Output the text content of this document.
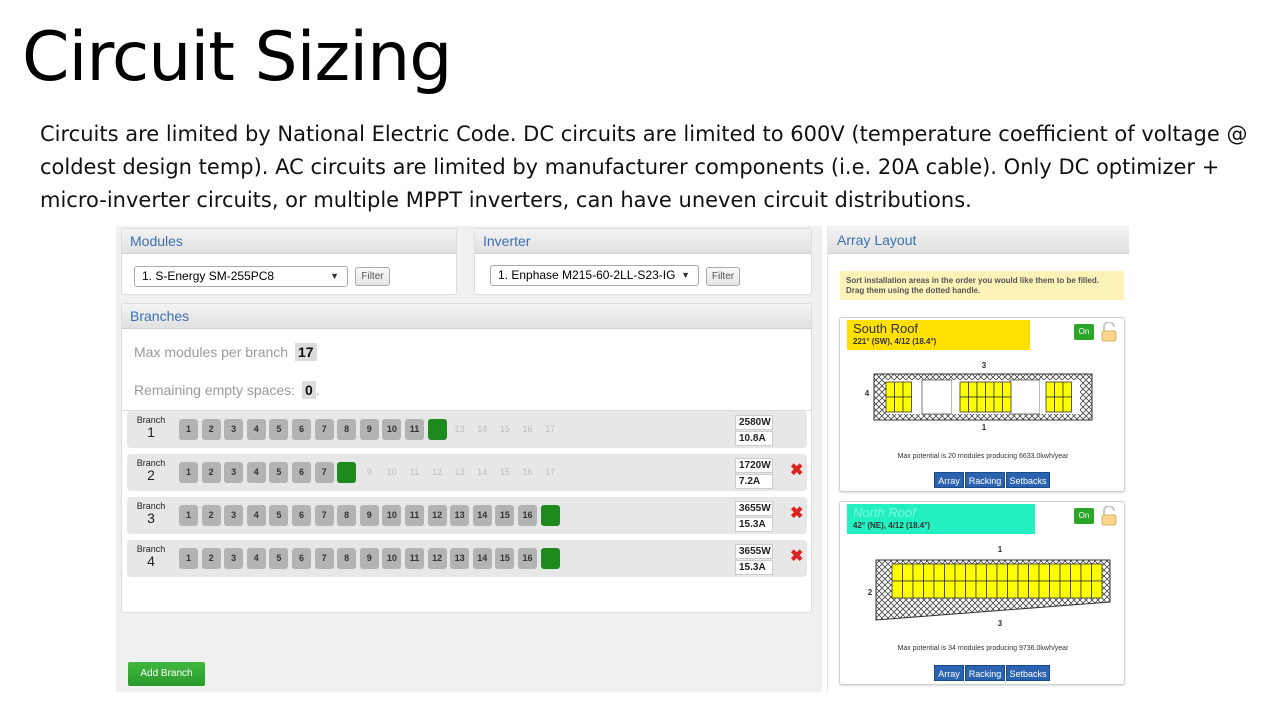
Circuit Sizing
Circuits are limited by National Electric Code. DC circuits are limited to 600V (temperature coefficient of voltage @ coldest design temp). AC circuits are limited by manufacturer components (i.e. 20A cable). Only DC optimizer + micro-inverter circuits, or multiple MPPT inverters, can have uneven circuit distributions.
Modules
1. S-Energy SM-255PC8	▼	Filter
Inverter
1. Enphase M215-60-2LL-S23-IG ▼	Filter
Branches
Max modules per branch 17
Remaining empty spaces: 0 .
Branch
1	1	2	3	4	5	6	7	8	9	10	11	12	13	14	15	16	17
2580W
10.8A
Branch
2	1	2	3	4	5	6	7	8	9	10	11	12	13	14	15	16	17
1720W
7.2A
✖
Branch
3	1	2	3	4	5	6	7	8	9	10	11	12	13	14	15	16	17
3655W
15.3A
✖
Branch
4	1	2	3	4	5	6	7	8	9	10	11	12	13	14	15	16	17
3655W
15.3A
✖
Add Branch
Array Layout
Sort installation areas in the order you would like them to be filled. Drag them using the dotted handle.
South Roof
221° (SW), 4/12 (18.4°)
On
3
4
1
Max potential is 20 modules producing 6633.0kwh/year
Array Racking Setbacks
North Roof
42° (NE), 4/12 (18.4°)
On
1
2
3
Max potential is 34 modules producing 9736.0kwh/year
Array Racking Setbacks
